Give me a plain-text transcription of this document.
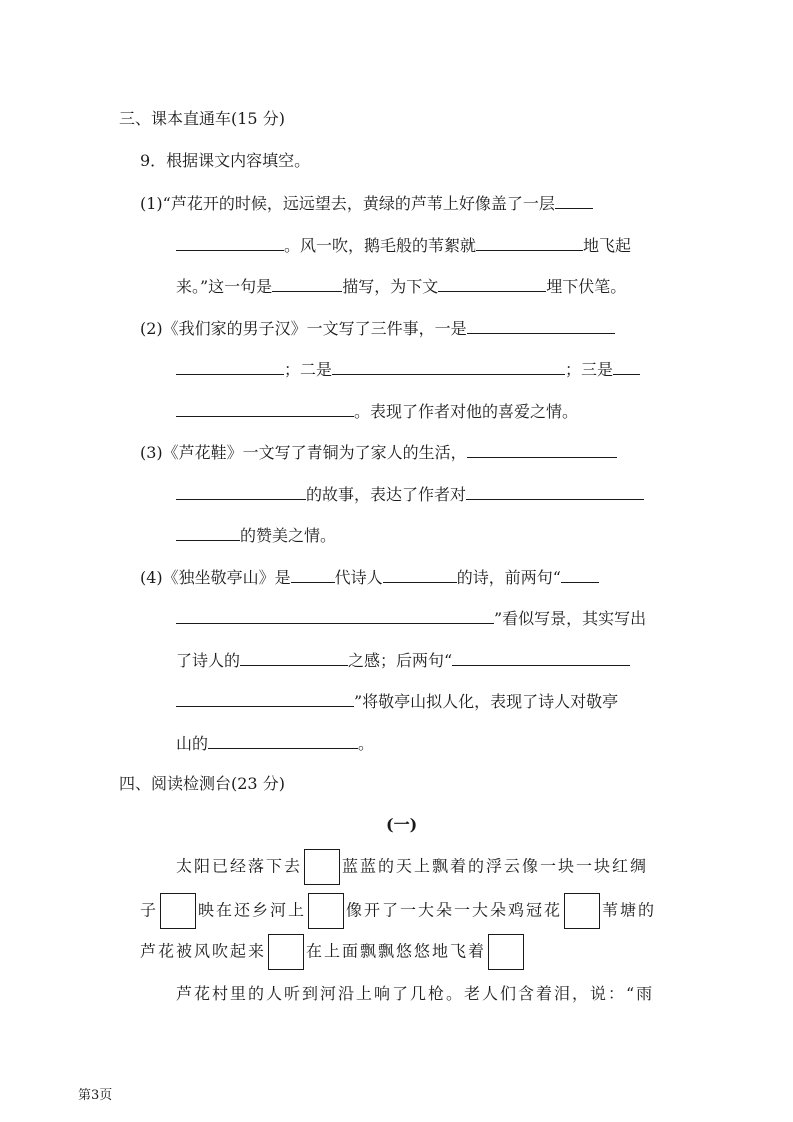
三、课本直通车(15 分)
9．根据课文内容填空。
(1)“芦花开的时候，远远望去，黄绿的芦苇上好像盖了一层
。风一吹，鹅毛般的苇絮就	地飞起
来。”这一句是	描写，为下文	埋下伏笔。
(2)《我们家的男子汉》一文写了三件事，一是
；二是	；三是
。表现了作者对他的喜爱之情。
(3)《芦花鞋》一文写了青铜为了家人的生活，
的故事，表达了作者对
的赞美之情。
(4)《独坐敬亭山》是	代诗人	的诗，前两句“
”看似写景，其实写出
了诗人的	之感；后两句“
”将敬亭山拟人化，表现了诗人对敬亭
山的	。
四、阅读检测台(23 分)
(一)
太阳已经落下去	蓝蓝的天上飘着的浮云像一块一块红绸
子	映在还乡河上	像开了一大朵一大朵鸡冠花	苇塘的
芦花被风吹起来	在上面飘飘悠悠地飞着
芦花村里的人听到河沿上响了几枪。老人们含着泪，说：“雨
第3页
